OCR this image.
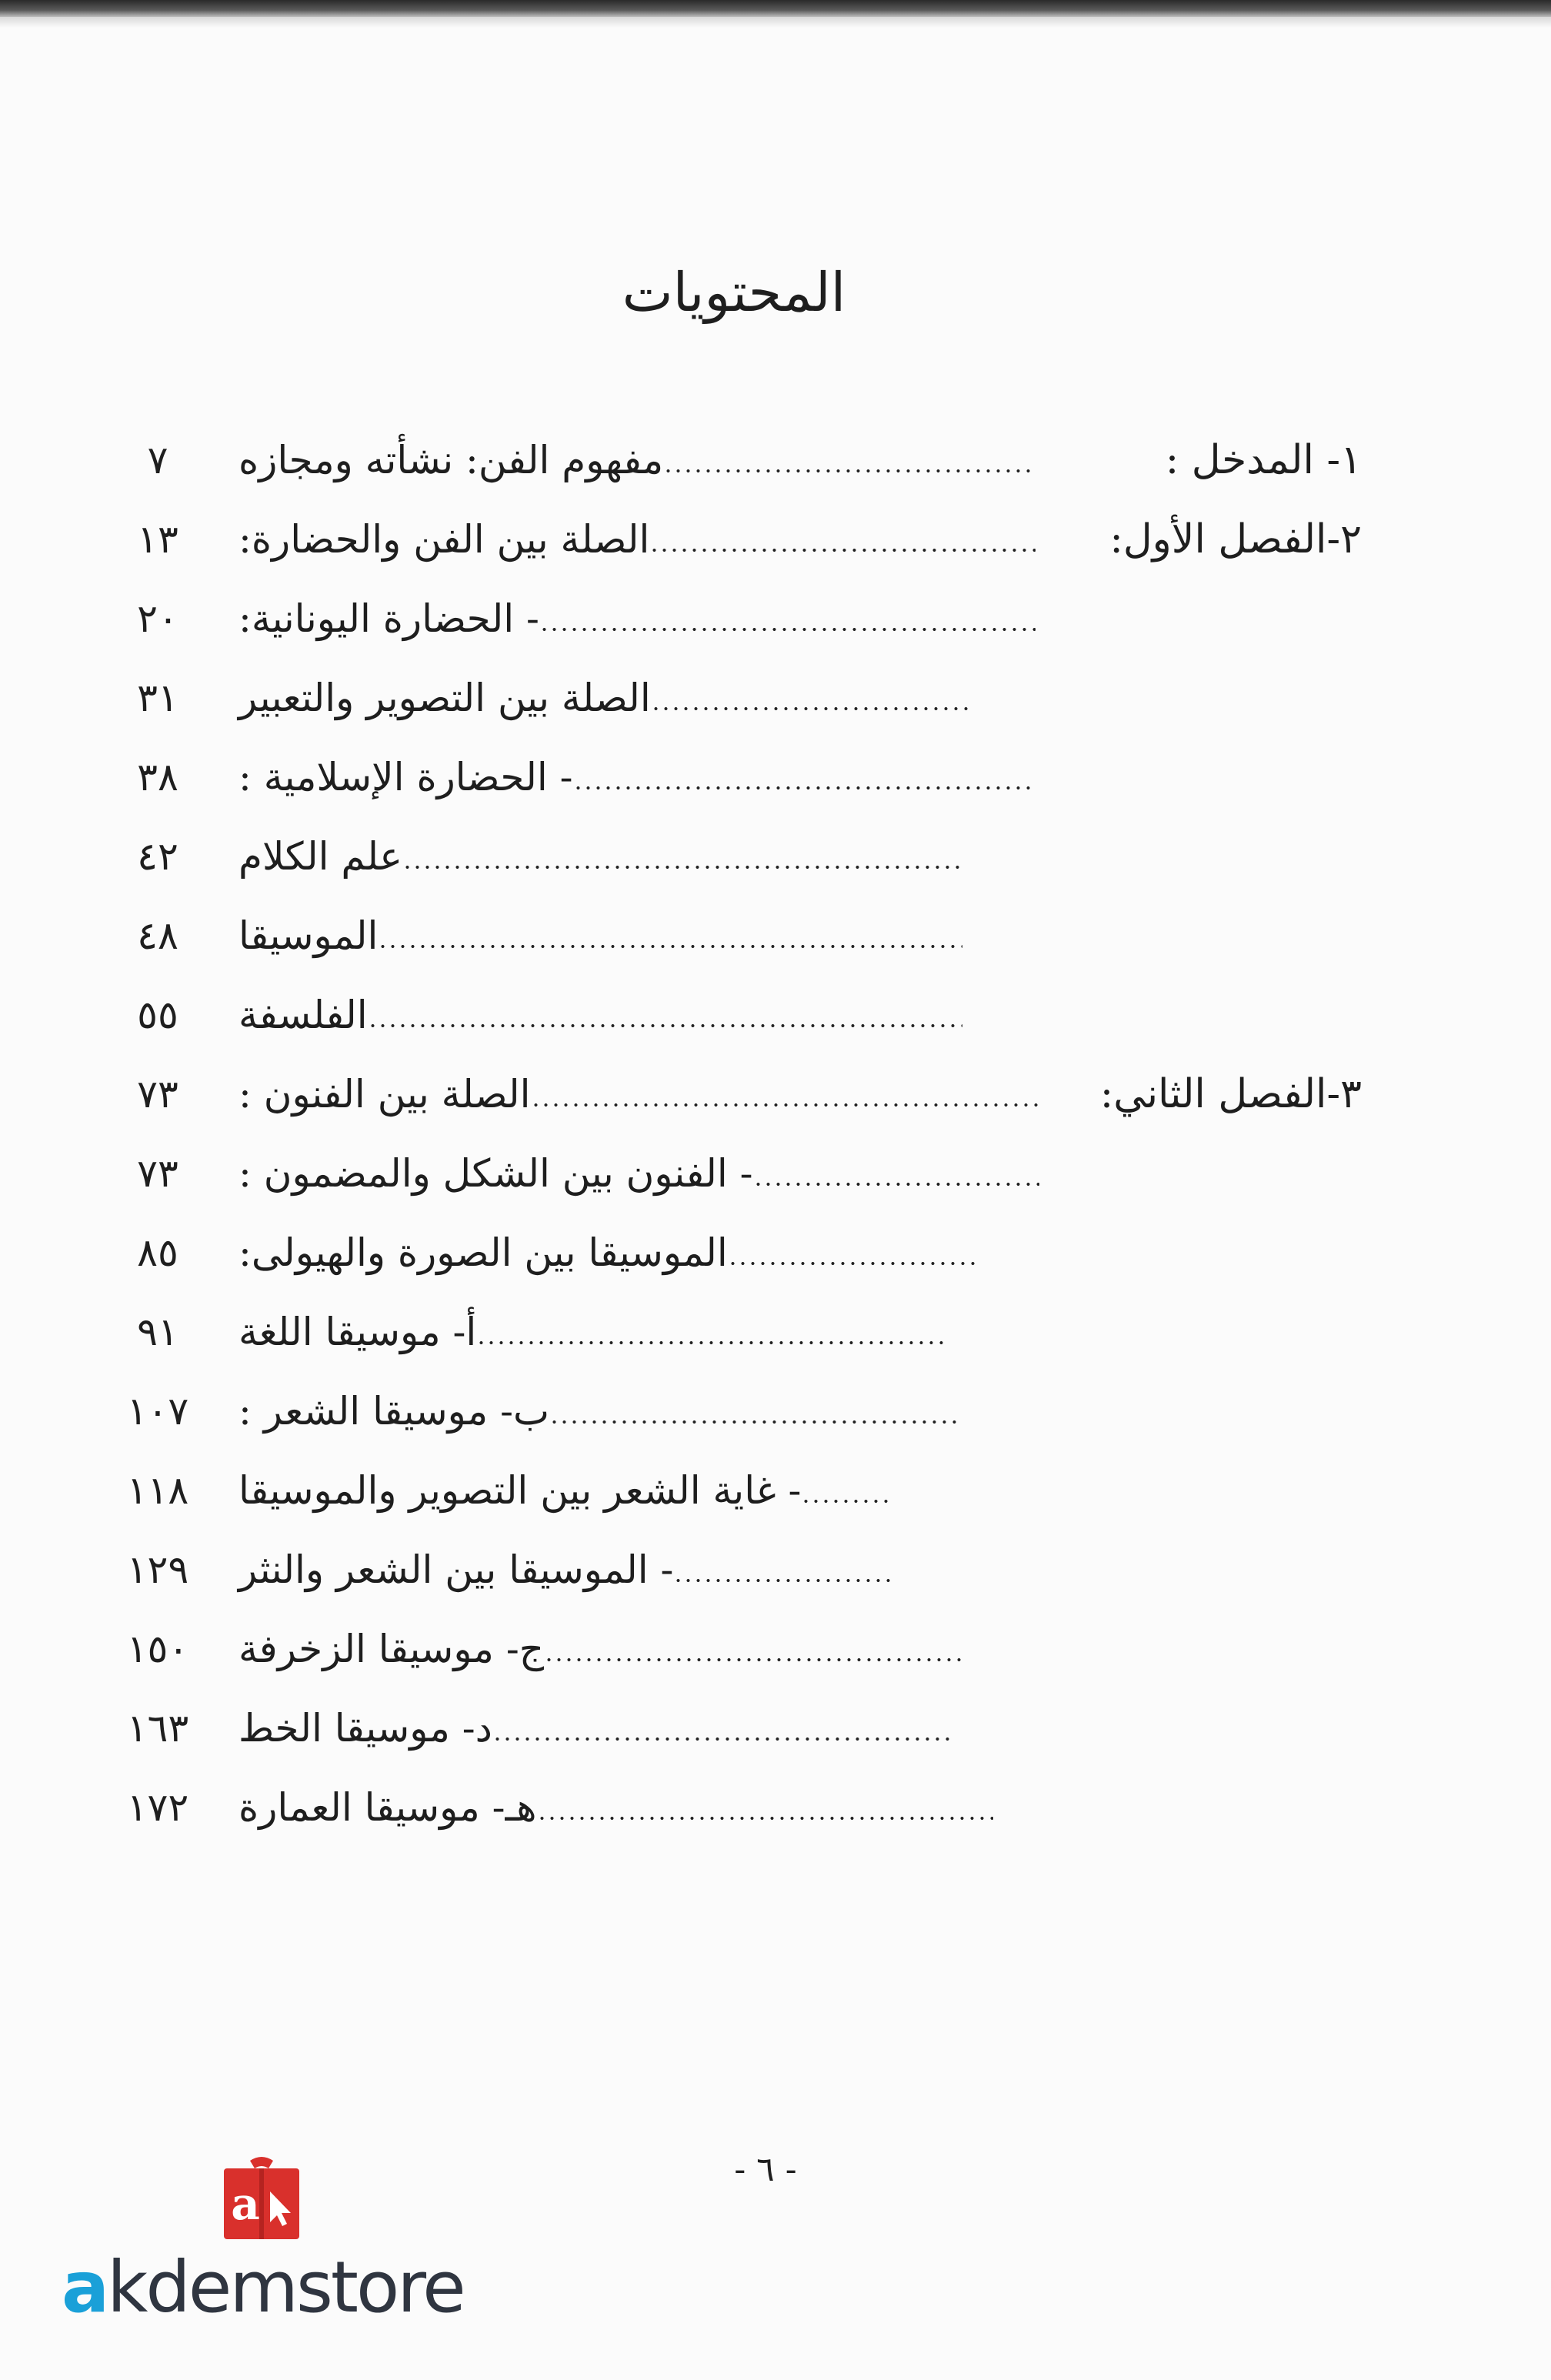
المحتويات
١- المدخل :
مفهوم الفن: نشأته ومجازه
٧
٢-الفصل الأول:
الصلة بين الفن والحضارة:
١٣
- الحضارة اليونانية:
٢٠
الصلة بين التصوير والتعبير
٣١
- الحضارة الإسلامية :
٣٨
علم الكلام
٤٢
الموسيقا
٤٨
الفلسفة
٥٥
٣-الفصل الثاني:
الصلة بين الفنون :
٧٣
- الفنون بين الشكل والمضمون :
٧٣
الموسيقا بين الصورة والهيولى:
٨٥
أ- موسيقا اللغة
٩١
ب- موسيقا الشعر :
١٠٧
- غاية الشعر بين التصوير والموسيقا
١١٨
- الموسيقا بين الشعر والنثر
١٢٩
ج- موسيقا الزخرفة
١٥٠
د- موسيقا الخط
١٦٣
هـ- موسيقا العمارة
١٧٢
- ٦ -
a
akdemstore
